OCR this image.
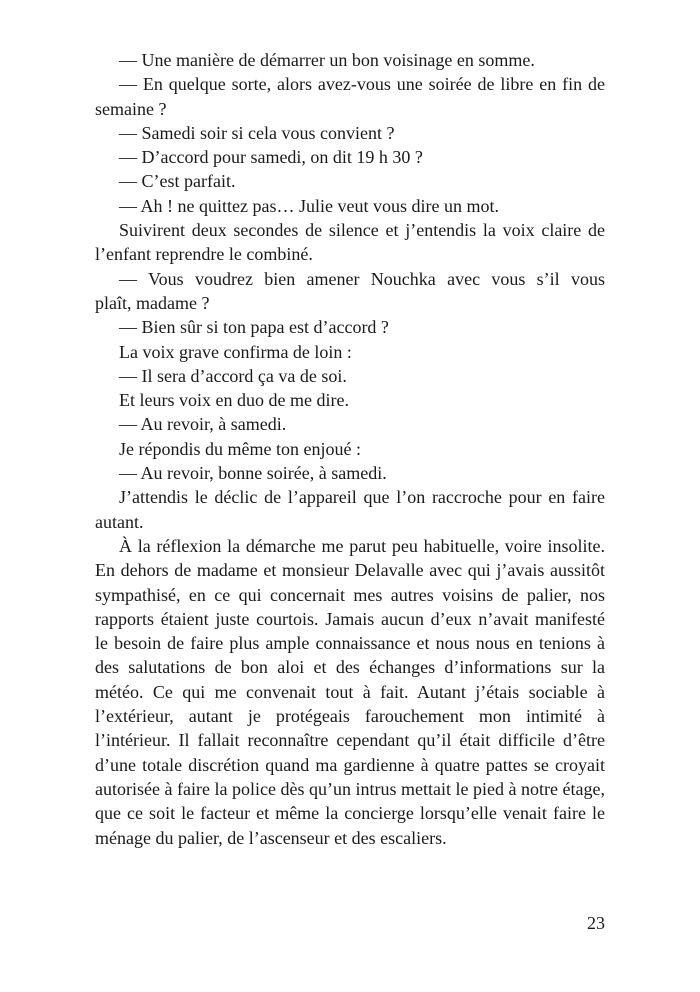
— Une manière de démarrer un bon voisinage en somme.
— En quelque sorte, alors avez-vous une soirée de libre en fin de
semaine ?
— Samedi soir si cela vous convient ?
— D’accord pour samedi, on dit 19 h 30 ?
— C’est parfait.
— Ah ! ne quittez pas… Julie veut vous dire un mot.
Suivirent deux secondes de silence et j’entendis la voix claire de
l’enfant reprendre le combiné.
— Vous voudrez bien amener Nouchka avec vous s’il vous
plaît, madame ?
— Bien sûr si ton papa est d’accord ?
La voix grave confirma de loin :
— Il sera d’accord ça va de soi.
Et leurs voix en duo de me dire.
— Au revoir, à samedi.
Je répondis du même ton enjoué :
— Au revoir, bonne soirée, à samedi.
J’attendis le déclic de l’appareil que l’on raccroche pour en faire
autant.
À la réflexion la démarche me parut peu habituelle, voire insolite.
En dehors de madame et monsieur Delavalle avec qui j’avais aussitôt
sympathisé, en ce qui concernait mes autres voisins de palier, nos
rapports étaient juste courtois. Jamais aucun d’eux n’avait manifesté
le besoin de faire plus ample connaissance et nous nous en tenions à
des salutations de bon aloi et des échanges d’informations sur la
météo. Ce qui me convenait tout à fait. Autant j’étais sociable à
l’extérieur, autant je protégeais farouchement mon intimité à
l’intérieur. Il fallait reconnaître cependant qu’il était difficile d’être
d’une totale discrétion quand ma gardienne à quatre pattes se croyait
autorisée à faire la police dès qu’un intrus mettait le pied à notre étage,
que ce soit le facteur et même la concierge lorsqu’elle venait faire le
ménage du palier, de l’ascenseur et des escaliers.
23
